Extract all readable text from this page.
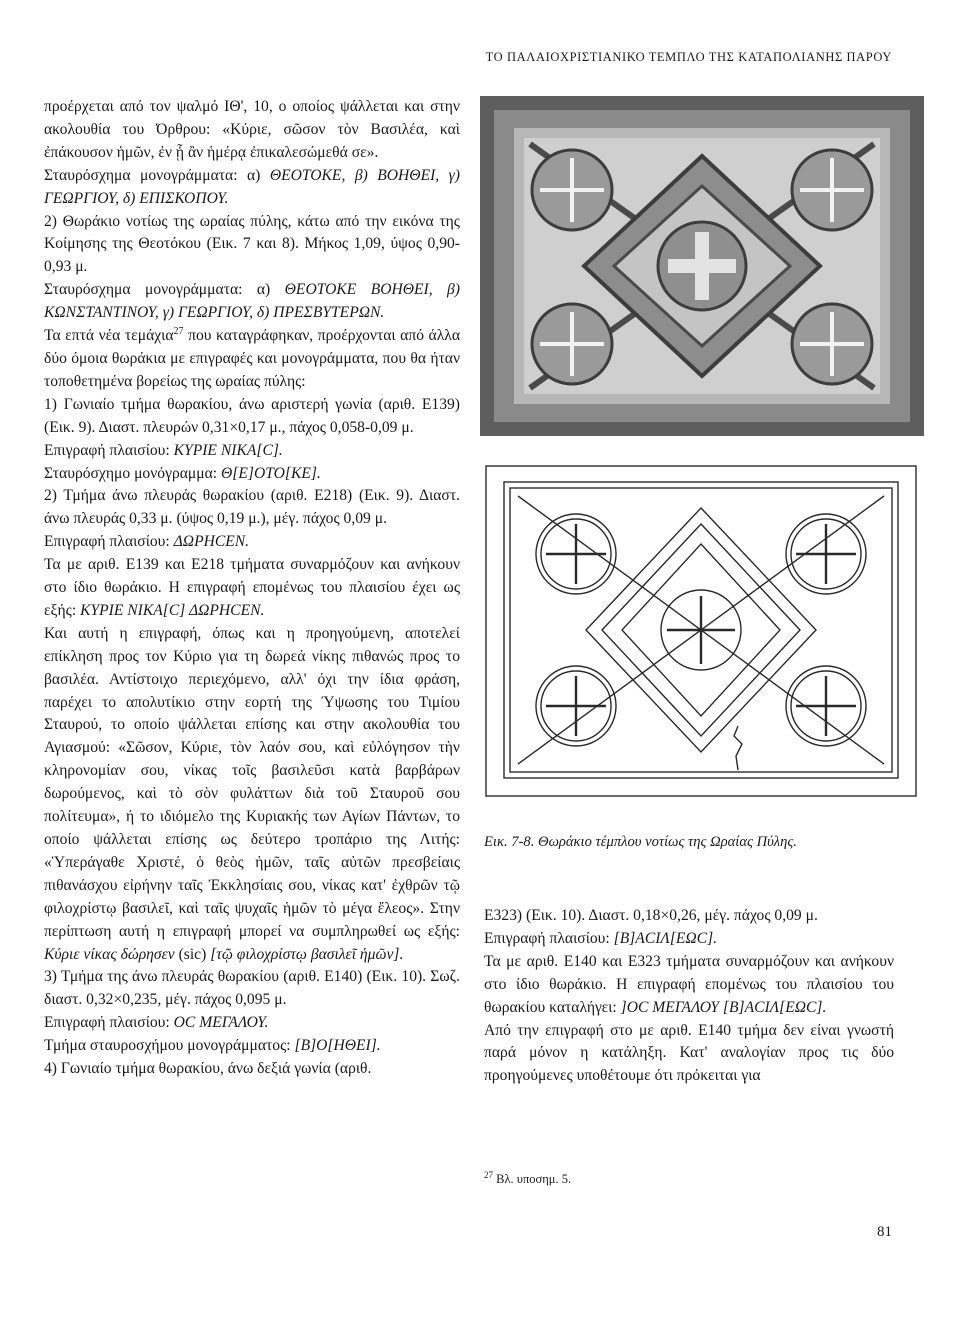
ΤΟ ΠΑΛΑΙΟΧΡΙΣΤΙΑΝΙΚΟ ΤΕΜΠΛΟ ΤΗΣ ΚΑΤΑΠΟΛΙΑΝΗΣ ΠΑΡΟΥ

προέρχεται από τον ψαλμό ΙΘ', 10, ο οποίος ψάλλεται και στην ακολουθία του Όρθρου: «Κύριε, σῶσον τὸν Βασιλέα, καὶ ἐπάκουσον ἡμῶν, ἐν ᾗ ἂν ἡμέρᾳ ἐπικαλεσώμεθά σε».

Σταυρόσχημα μονογράμματα: α) ΘΕΟΤΟΚΕ, β) ΒΟΗΘΕΙ, γ) ΓΕΩΡΓΙΟΥ, δ) ΕΠΙΣΚΟΠΟΥ.

2) Θωράκιο νοτίως της ωραίας πύλης, κάτω από την εικόνα της Κοίμησης της Θεοτόκου (Εικ. 7 και 8). Μήκος 1,09, ύψος 0,90-0,93 μ.

Σταυρόσχημα μονογράμματα: α) ΘΕΟΤΟΚΕ ΒΟΗΘΕΙ, β) ΚΩΝΣΤΑΝΤΙΝΟΥ, γ) ΓΕΩΡΓΙΟΥ, δ) ΠΡΕΣΒΥΤΕΡΩΝ.

Τα επτά νέα τεμάχια$^{27}$ που καταγράφηκαν, προέρχονται από άλλα δύο όμοια θωράκια με επιγραφές και μονογράμματα, που θα ήταν τοποθετημένα βορείως της ωραίας πύλης:

1) Γωνιαίο τμήμα θωρακίου, άνω αριστερή γωνία (αριθ. Ε139) (Εικ. 9). Διαστ. πλευρών 0,31×0,17 μ., πάχος 0,058-0,09 μ.

Επιγραφή πλαισίου: ΚΥΡΙΕ ΝΙΚΑ[C].

Σταυρόσχημο μονόγραμμα: Θ[Ε]ΟΤΟ[ΚΕ].

2) Τμήμα άνω πλευράς θωρακίου (αριθ. Ε218) (Εικ. 9). Διαστ. άνω πλευράς 0,33 μ. (ύψος 0,19 μ.), μέγ. πάχος 0,09 μ.

Επιγραφή πλαισίου: ΔΩΡΗCΕΝ.

Τα με αριθ. Ε139 και Ε218 τμήματα συναρμόζουν και ανήκουν στο ίδιο θωράκιο. Η επιγραφή επομένως του πλαισίου έχει ως εξής: ΚΥΡΙΕ ΝΙΚΑ[C] ΔΩΡΗCΕΝ.

Και αυτή η επιγραφή, όπως και η προηγούμενη, αποτελεί επίκληση προς τον Κύριο για τη δωρεά νίκης πιθανώς προς το βασιλέα. Αντίστοιχο περιεχόμενο, αλλ' όχι την ίδια φράση, παρέχει το απολυτίκιο στην εορτή της Ύψωσης του Τιμίου Σταυρού, το οποίο ψάλλεται επίσης και στην ακολουθία του Αγιασμού: «Σῶσον, Κύριε, τὸν λαόν σου, καὶ εὐλόγησον τὴν κληρονομίαν σου, νίκας τοῖς βασιλεῦσι κατὰ βαρβάρων δωρούμενος, καὶ τὸ σὸν φυλάττων διὰ τοῦ Σταυροῦ σου πολίτευμα», ή το ιδιόμελο της Κυριακής των Αγίων Πάντων, το οποίο ψάλλεται επίσης ως δεύτερο τροπάριο της Λιτής: «Ὑπεράγαθε Χριστέ, ὁ θεὸς ἡμῶν, ταῖς αὐτῶν πρεσβείαις πιθανάσχου εἰρήνην ταῖς Ἐκκλησίαις σου, νίκας κατ' ἐχθρῶν τῷ φιλοχρίστῳ βασιλεῖ, καὶ ταῖς ψυχαῖς ἡμῶν τὸ μέγα ἔλεος». Στην περίπτωση αυτή η επιγραφή μπορεί να συμπληρωθεί ως εξής: Κύριε νίκας δώρησεν (sic) [τῷ φιλοχρίστῳ βασιλεῖ ἡμῶν].

3) Τμήμα της άνω πλευράς θωρακίου (αριθ. Ε140) (Εικ. 10). Σωζ. διαστ. 0,32×0,235, μέγ. πάχος 0,095 μ.

Επιγραφή πλαισίου: ΟC ΜΕΓΑΛΟΥ.

Τμήμα σταυροσχήμου μονογράμματος: [Β]Ο[ΗΘΕΙ].

4) Γωνιαίο τμήμα θωρακίου, άνω δεξιά γωνία (αριθ.

Εικ. 7-8. Θωράκιο τέμπλου νοτίως της Ωραίας Πύλης.

Ε323) (Εικ. 10). Διαστ. 0,18×0,26, μέγ. πάχος 0,09 μ.

Επιγραφή πλαισίου: [Β]ΑCΙΛ[ΕΩC].

Τα με αριθ. Ε140 και Ε323 τμήματα συναρμόζουν και ανήκουν στο ίδιο θωράκιο. Η επιγραφή επομένως του πλαισίου του θωρακίου καταλήγει: ]ΟC ΜΕΓΑΛΟΥ [Β]ΑCΙΛ[ΕΩC].

Από την επιγραφή στο με αριθ. Ε140 τμήμα δεν είναι γνωστή παρά μόνον η κατάληξη. Κατ' αναλογίαν προς τις δύο προηγούμενες υποθέτουμε ότι πρόκειται για

$^{27}$ Βλ. υποσημ. 5.
81
